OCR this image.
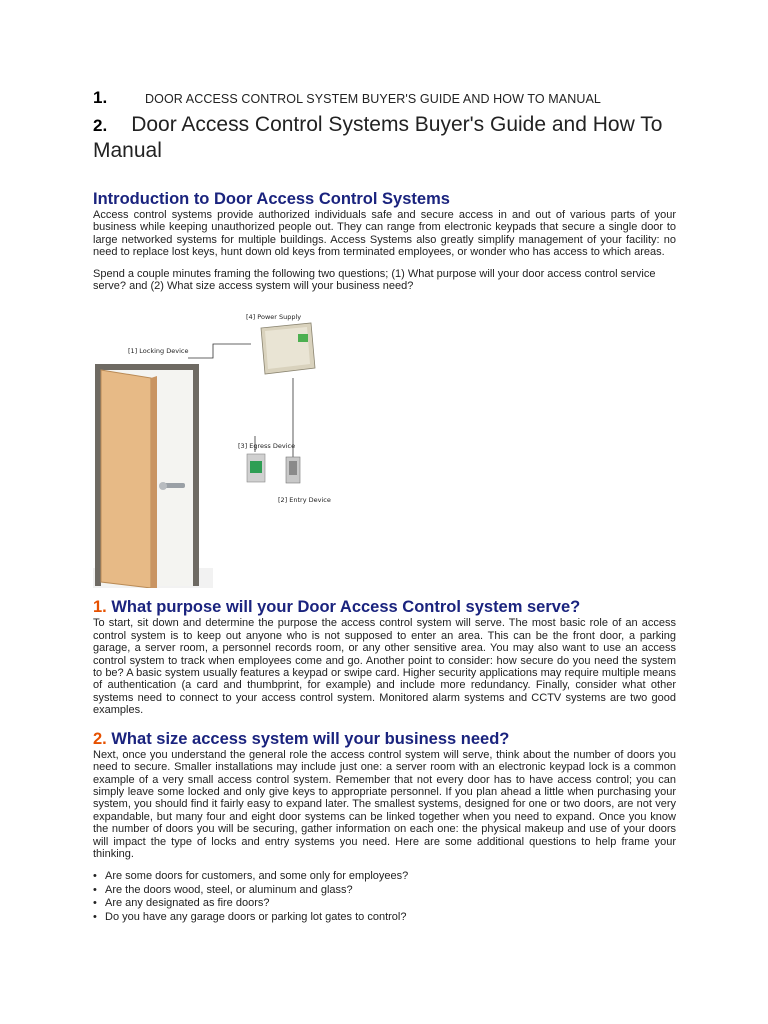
1.	DOOR ACCESS CONTROL SYSTEM BUYER'S GUIDE AND HOW TO MANUAL
2. Door Access Control Systems Buyer's Guide and How To Manual
Introduction to Door Access Control Systems

Access control systems provide authorized individuals safe and secure access in and out of various parts of your business while keeping unauthorized people out. They can range from electronic keypads that secure a single door to large networked systems for multiple buildings. Access Systems also greatly simplify management of your facility: no need to replace lost keys, hunt down old keys from terminated employees, or wonder who has access to which areas.

Spend a couple minutes framing the following two questions; (1) What purpose will your door access control service serve? and (2) What size access system will your business need?

[1] Locking Device
[4] Power Supply
[3] Egress Device
[2] Entry Device
1. What purpose will your Door Access Control system serve?

To start, sit down and determine the purpose the access control system will serve. The most basic role of an access control system is to keep out anyone who is not supposed to enter an area. This can be the front door, a parking garage, a server room, a personnel records room, or any other sensitive area. You may also want to use an access control system to track when employees come and go. Another point to consider: how secure do you need the system to be? A basic system usually features a keypad or swipe card. Higher security applications may require multiple means of authentication (a card and thumbprint, for example) and include more redundancy. Finally, consider what other systems need to connect to your access control system. Monitored alarm systems and CCTV systems are two good examples.

2. What size access system will your business need?

Next, once you understand the general role the access control system will serve, think about the number of doors you need to secure. Smaller installations may include just one: a server room with an electronic keypad lock is a common example of a very small access control system. Remember that not every door has to have access control; you can simply leave some locked and only give keys to appropriate personnel. If you plan ahead a little when purchasing your system, you should find it fairly easy to expand later. The smallest systems, designed for one or two doors, are not very expandable, but many four and eight door systems can be linked together when you need to expand. Once you know the number of doors you will be securing, gather information on each one: the physical makeup and use of your doors will impact the type of locks and entry systems you need. Here are some additional questions to help frame your thinking.

• Are some doors for customers, and some only for employees?
• Are the doors wood, steel, or aluminum and glass?
• Are any designated as fire doors?
• Do you have any garage doors or parking lot gates to control?
